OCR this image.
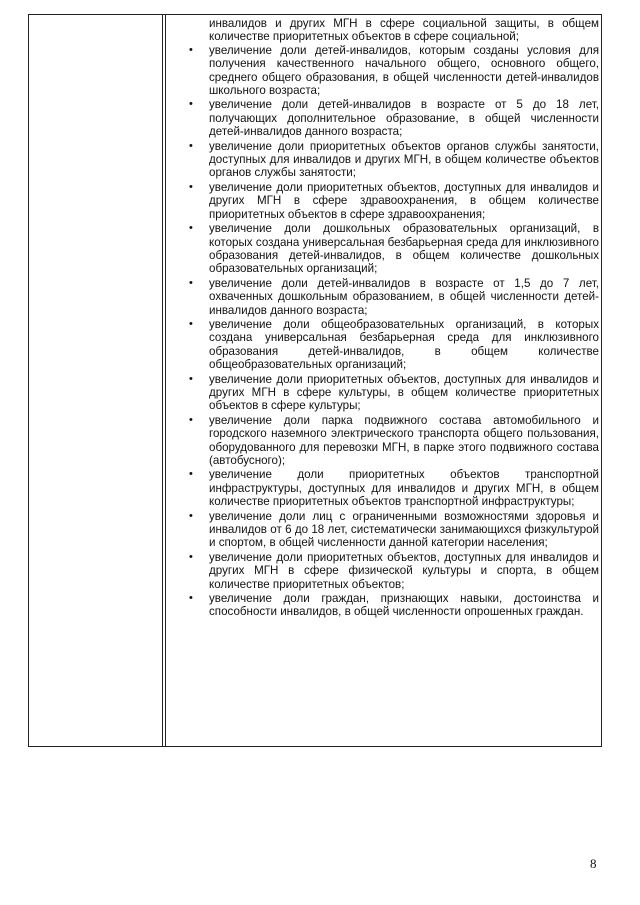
инвалидов и других МГН в сфере социальной защиты, в общем количестве приоритетных объектов в сфере социальной;

• увеличение доли детей-инвалидов, которым созданы условия для получения качественного начального общего, основного общего, среднего общего образования, в общей численности детей-инвалидов школьного возраста;
• увеличение доли детей-инвалидов в возрасте от 5 до 18 лет, получающих дополнительное образование, в общей численности детей-инвалидов данного возраста;
• увеличение доли приоритетных объектов органов службы занятости, доступных для инвалидов и других МГН, в общем количестве объектов органов службы занятости;
• увеличение доли приоритетных объектов, доступных для инвалидов и других МГН в сфере здравоохранения, в общем количестве приоритетных объектов в сфере здравоохранения;
• увеличение доли дошкольных образовательных организаций, в которых создана универсальная безбарьерная среда для инклюзивного образования детей-инвалидов, в общем количестве дошкольных образовательных организаций;
• увеличение доли детей-инвалидов в возрасте от 1,5 до 7 лет, охваченных дошкольным образованием, в общей численности детей-инвалидов данного возраста;
• увеличение доли общеобразовательных организаций, в которых создана универсальная безбарьерная среда для инклюзивного образования детей-инвалидов, в общем количестве общеобразовательных организаций;
• увеличение доли приоритетных объектов, доступных для инвалидов и других МГН в сфере культуры, в общем количестве приоритетных объектов в сфере культуры;
• увеличение доли парка подвижного состава автомобильного и городского наземного электрического транспорта общего пользования, оборудованного для перевозки МГН, в парке этого подвижного состава (автобусного);
• увеличение доли приоритетных объектов транспортной инфраструктуры, доступных для инвалидов и других МГН, в общем количестве приоритетных объектов транспортной инфраструктуры;
• увеличение доли лиц с ограниченными возможностями здоровья и инвалидов от 6 до 18 лет, систематически занимающихся физкультурой и спортом, в общей численности данной категории населения;
• увеличение доли приоритетных объектов, доступных для инвалидов и других МГН в сфере физической культуры и спорта, в общем количестве приоритетных объектов;
• увеличение доли граждан, признающих навыки, достоинства и способности инвалидов, в общей численности опрошенных граждан.
8
